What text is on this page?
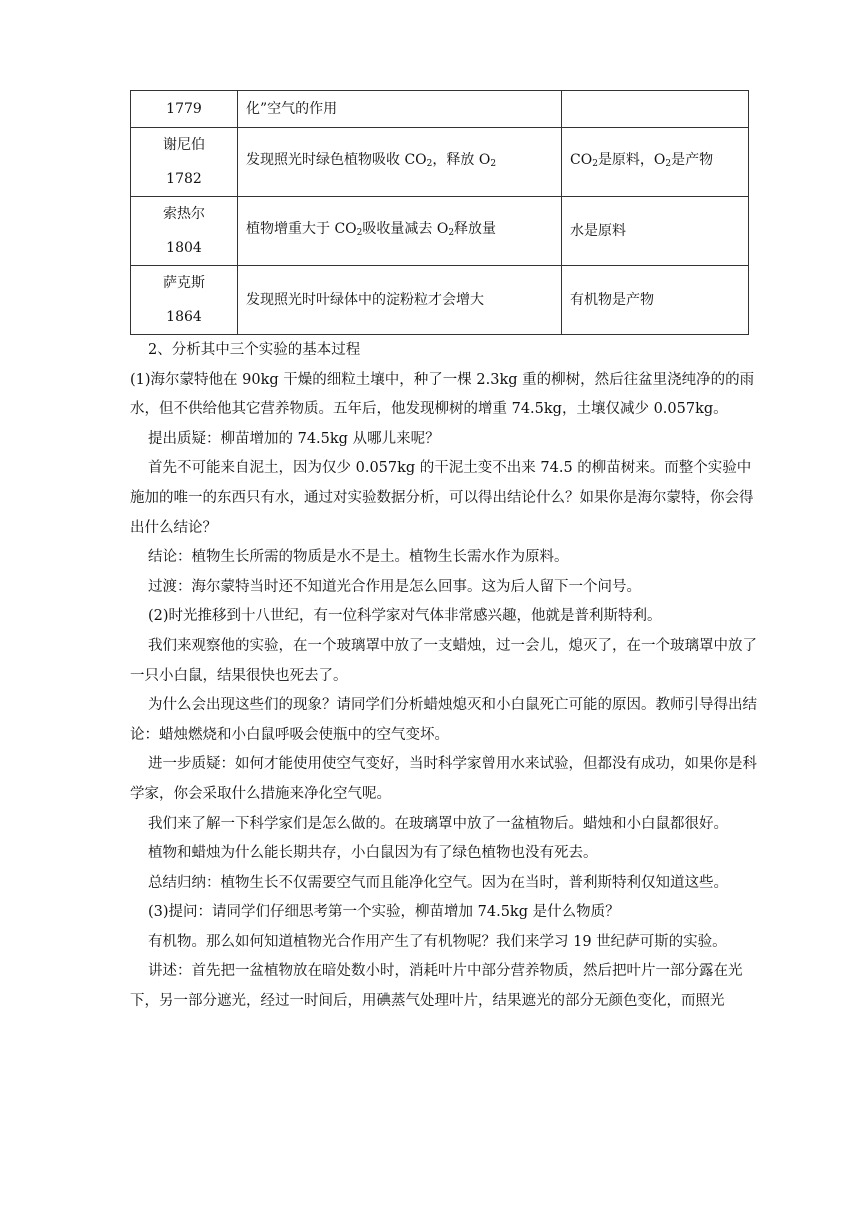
1779	化”空气的作用	

谢尼伯
1782	发现照光时绿色植物吸收 $CO_2$，释放 $O_2$	$CO_2$是原料，$O_2$是产物

索热尔
1804	植物增重大于 $CO_2$吸收量减去 $O_2$释放量	水是原料

萨克斯
1864	发现照光时叶绿体中的淀粉粒才会增大	有机物是产物

2、分析其中三个实验的基本过程

(1)海尔蒙特他在 90kg 干燥的细粒土壤中，种了一棵 2.3kg 重的柳树，然后往盆里浇纯净的的雨水，但不供给他其它营养物质。五年后，他发现柳树的增重 74.5kg，土壤仅减少 0.057kg。

提出质疑：柳苗增加的 74.5kg 从哪儿来呢？

首先不可能来自泥土，因为仅少 0.057kg 的干泥土变不出来 74.5 的柳苗树来。而整个实验中施加的唯一的东西只有水，通过对实验数据分析，可以得出结论什么？如果你是海尔蒙特，你会得出什么结论？

结论：植物生长所需的物质是水不是土。植物生长需水作为原料。

过渡：海尔蒙特当时还不知道光合作用是怎么回事。这为后人留下一个问号。

(2)时光推移到十八世纪，有一位科学家对气体非常感兴趣，他就是普利斯特利。

我们来观察他的实验，在一个玻璃罩中放了一支蜡烛，过一会儿，熄灭了，在一个玻璃罩中放了一只小白鼠，结果很快也死去了。

为什么会出现这些们的现象？请同学们分析蜡烛熄灭和小白鼠死亡可能的原因。教师引导得出结论：蜡烛燃烧和小白鼠呼吸会使瓶中的空气变坏。

进一步质疑：如何才能使用使空气变好，当时科学家曾用水来试验，但都没有成功，如果你是科学家，你会采取什么措施来净化空气呢。

我们来了解一下科学家们是怎么做的。在玻璃罩中放了一盆植物后。蜡烛和小白鼠都很好。

植物和蜡烛为什么能长期共存，小白鼠因为有了绿色植物也没有死去。

总结归纳：植物生长不仅需要空气而且能净化空气。因为在当时，普利斯特利仅知道这些。

(3)提问：请同学们仔细思考第一个实验，柳苗增加 74.5kg 是什么物质？

有机物。那么如何知道植物光合作用产生了有机物呢？我们来学习 19 世纪萨可斯的实验。

讲述：首先把一盆植物放在暗处数小时，消耗叶片中部分营养物质，然后把叶片一部分露在光下，另一部分遮光，经过一时间后，用碘蒸气处理叶片，结果遮光的部分无颜色变化，而照光
